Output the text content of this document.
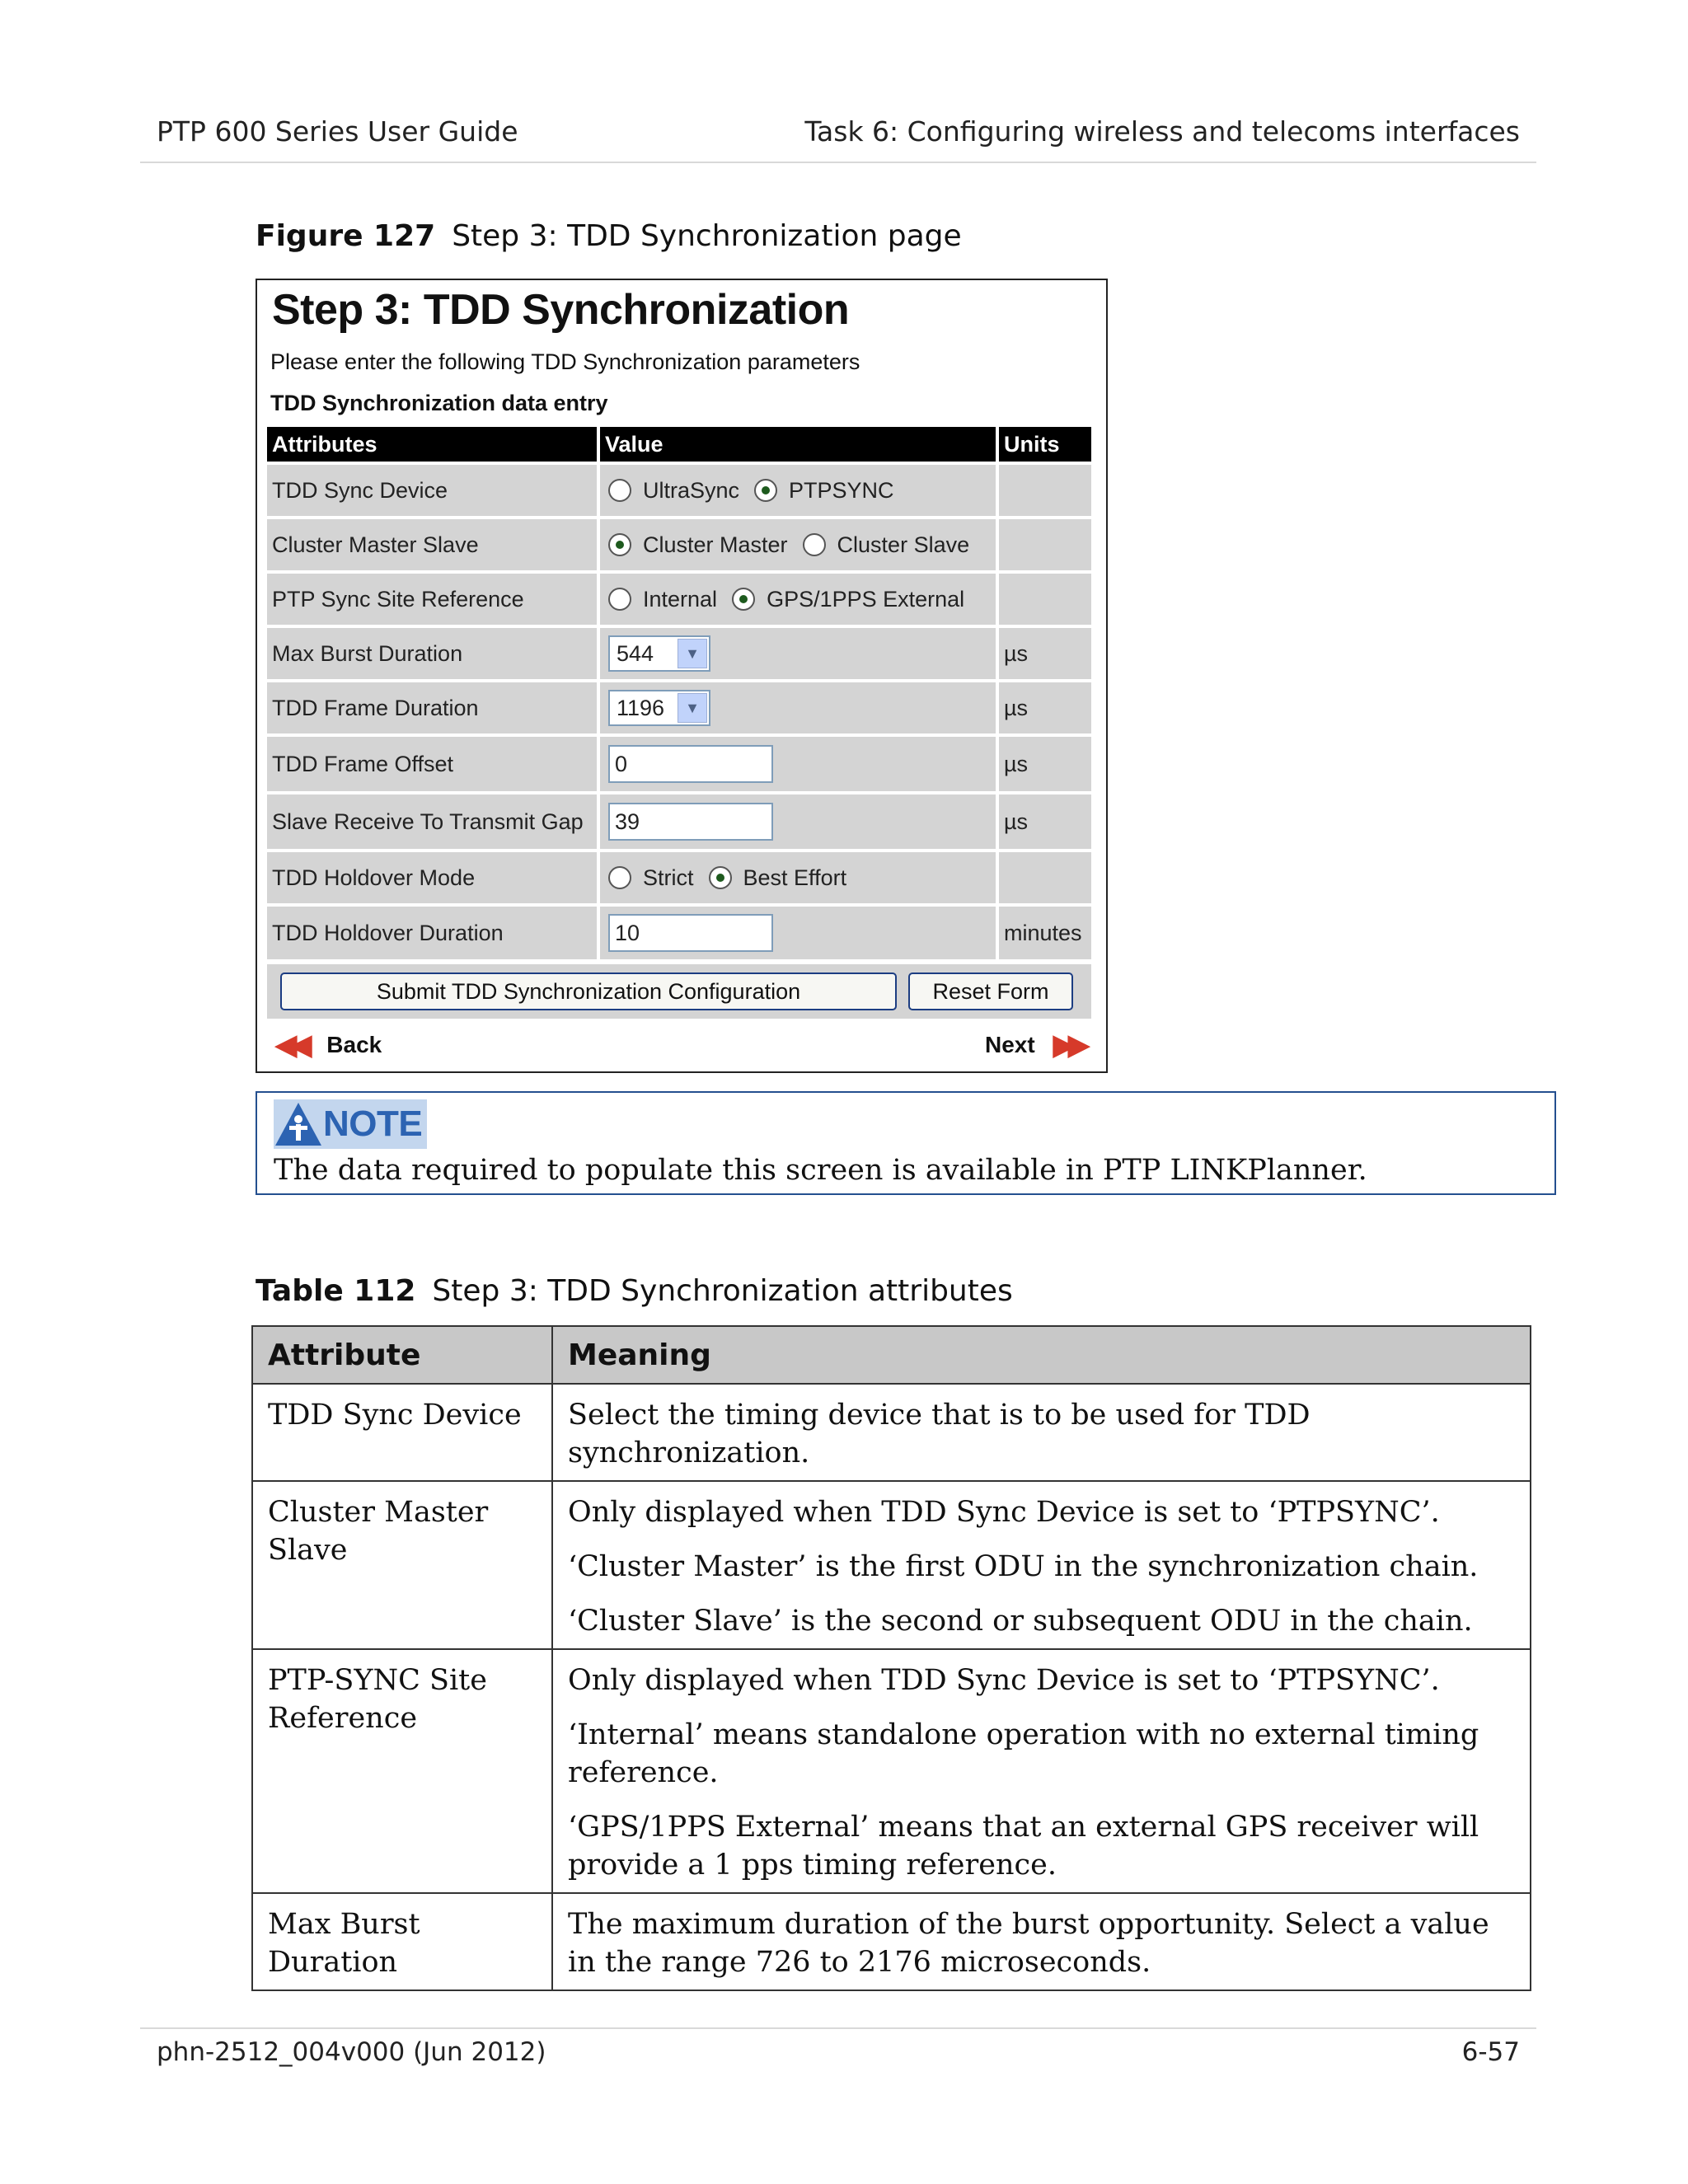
PTP 600 Series User Guide	Task 6: Configuring wireless and telecoms interfaces
Figure 127 Step 3: TDD Synchronization page
Step 3: TDD Synchronization
Please enter the following TDD Synchronization parameters
TDD Synchronization data entry
Attributes	Value	Units
TDD Sync Device	UltraSync PTPSYNC
Cluster Master Slave	Cluster Master Cluster Slave
PTP Sync Site Reference	Internal GPS/1PPS External
Max Burst Duration	544	▼	µs
TDD Frame Duration	1196	▼	µs
TDD Frame Offset	0	µs
Slave Receive To Transmit Gap	39	µs
TDD Holdover Mode	Strict Best Effort
TDD Holdover Duration	10	minutes
Submit TDD Synchronization Configuration	Reset Form
◀◀ Back	Next ▶▶
NOTE
The data required to populate this screen is available in PTP LINKPlanner.
Table 112 Step 3: TDD Synchronization attributes
Attribute	Meaning
TDD Sync Device	Select the timing device that is to be used for TDD synchronization.

Cluster Master Slave	Only displayed when TDD Sync Device is set to ‘PTPSYNC’.

‘Cluster Master’ is the first ODU in the synchronization chain.

‘Cluster Slave’ is the second or subsequent ODU in the chain.

PTP-SYNC Site Reference	Only displayed when TDD Sync Device is set to ‘PTPSYNC’.

‘Internal’ means standalone operation with no external timing reference.

‘GPS/1PPS External’ means that an external GPS receiver will provide a 1 pps timing reference.

Max Burst Duration	The maximum duration of the burst opportunity. Select a value in the range 726 to 2176 microseconds.

phn-2512_004v000 (Jun 2012)	6-57
